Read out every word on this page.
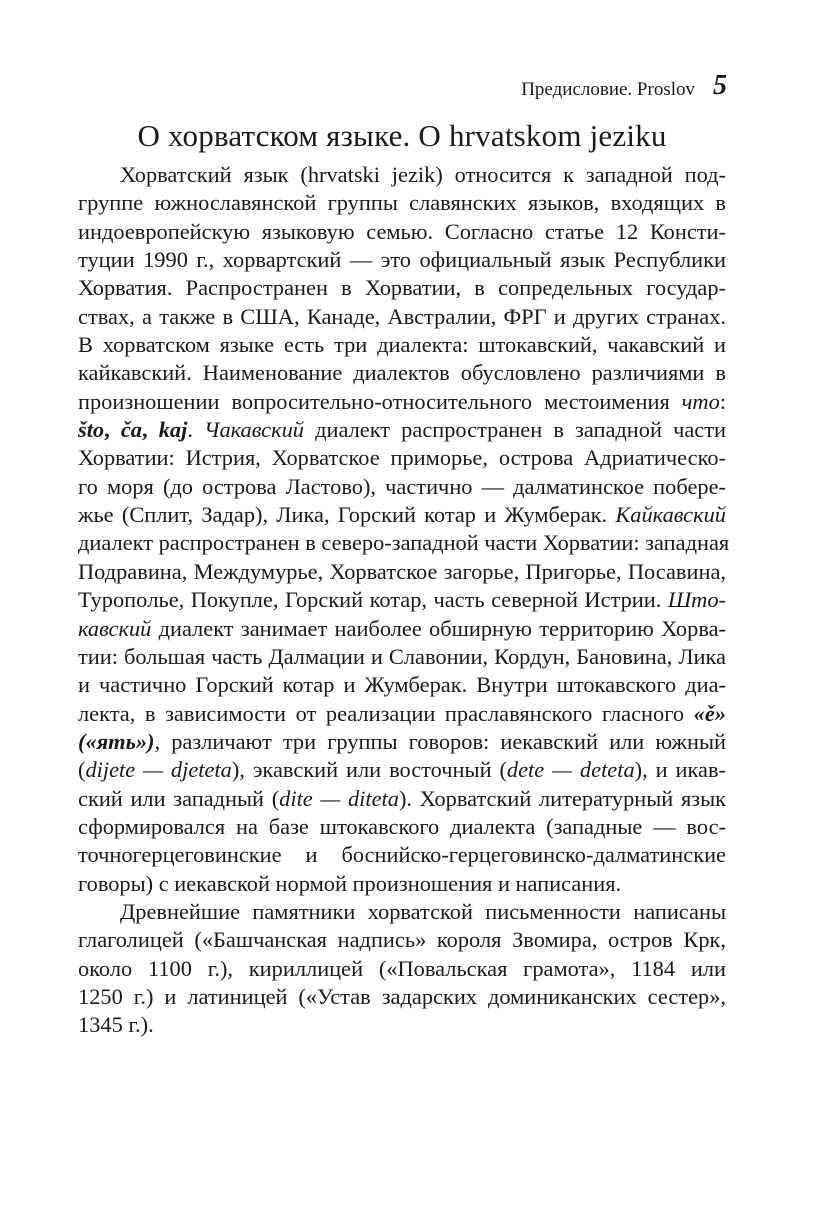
Предисловие. Proslov 5
О хорватском языке. O hrvatskom jeziku
Хорватский язык (hrvatski jezik) относится к западной под-
группе южнославянской группы славянских языков, входящих в
индоевропейскую языковую семью. Согласно статье 12 Консти-
туции 1990 г., хорвартский — это официальный язык Республики
Хорватия. Распространен в Хорватии, в сопредельных государ-
ствах, а также в США, Канаде, Австралии, ФРГ и других странах.
В хорватском языке есть три диалекта: штокавский, чакавский и
кайкавский. Наименование диалектов обусловлено различиями в
произношении вопросительно-относительного местоимения что:
što, ča, kaj. Чакавский диалект распространен в западной части
Хорватии: Истрия, Хорватское приморье, острова Адриатическо-
го моря (до острова Ластово), частично — далматинское побере-
жье (Сплит, Задар), Лика, Горский котар и Жумберак. Кайкавский
диалект распространен в северо-западной части Хорватии: западная
Подравина, Междумурье, Хорватское загорье, Пригорье, Посавина,
Туропoлье, Покупле, Горский котар, часть северной Истрии. Што-
кавский диалект занимает наиболее обширную территорию Хорва-
тии: большая часть Далмации и Славонии, Кордун, Бановина, Лика
и частично Горский котар и Жумберак. Внутри штокавского диа-
лекта, в зависимости от реализации праславянского гласного «ě»
(«ять»), различают три группы говоров: иекавский или южный
(dijete — djeteta), экавский или восточный (dete — deteta), и икав-
ский или западный (dite — diteta). Хорватский литературный язык
сформировался на базе штокавского диалекта (западные — вос-
точногерцеговинские и боснийско-герцеговинско-далматинские
говоры) с иекавской нормой произношения и написания.
Древнейшие памятники хорватской письменности написаны
глаголицей («Башчанская надпись» короля Звомира, остров Крк,
около 1100 г.), кириллицей («Повальская грамота», 1184 или
1250 г.) и латиницей («Устав задарских доминиканских сестер»,
1345 г.).
